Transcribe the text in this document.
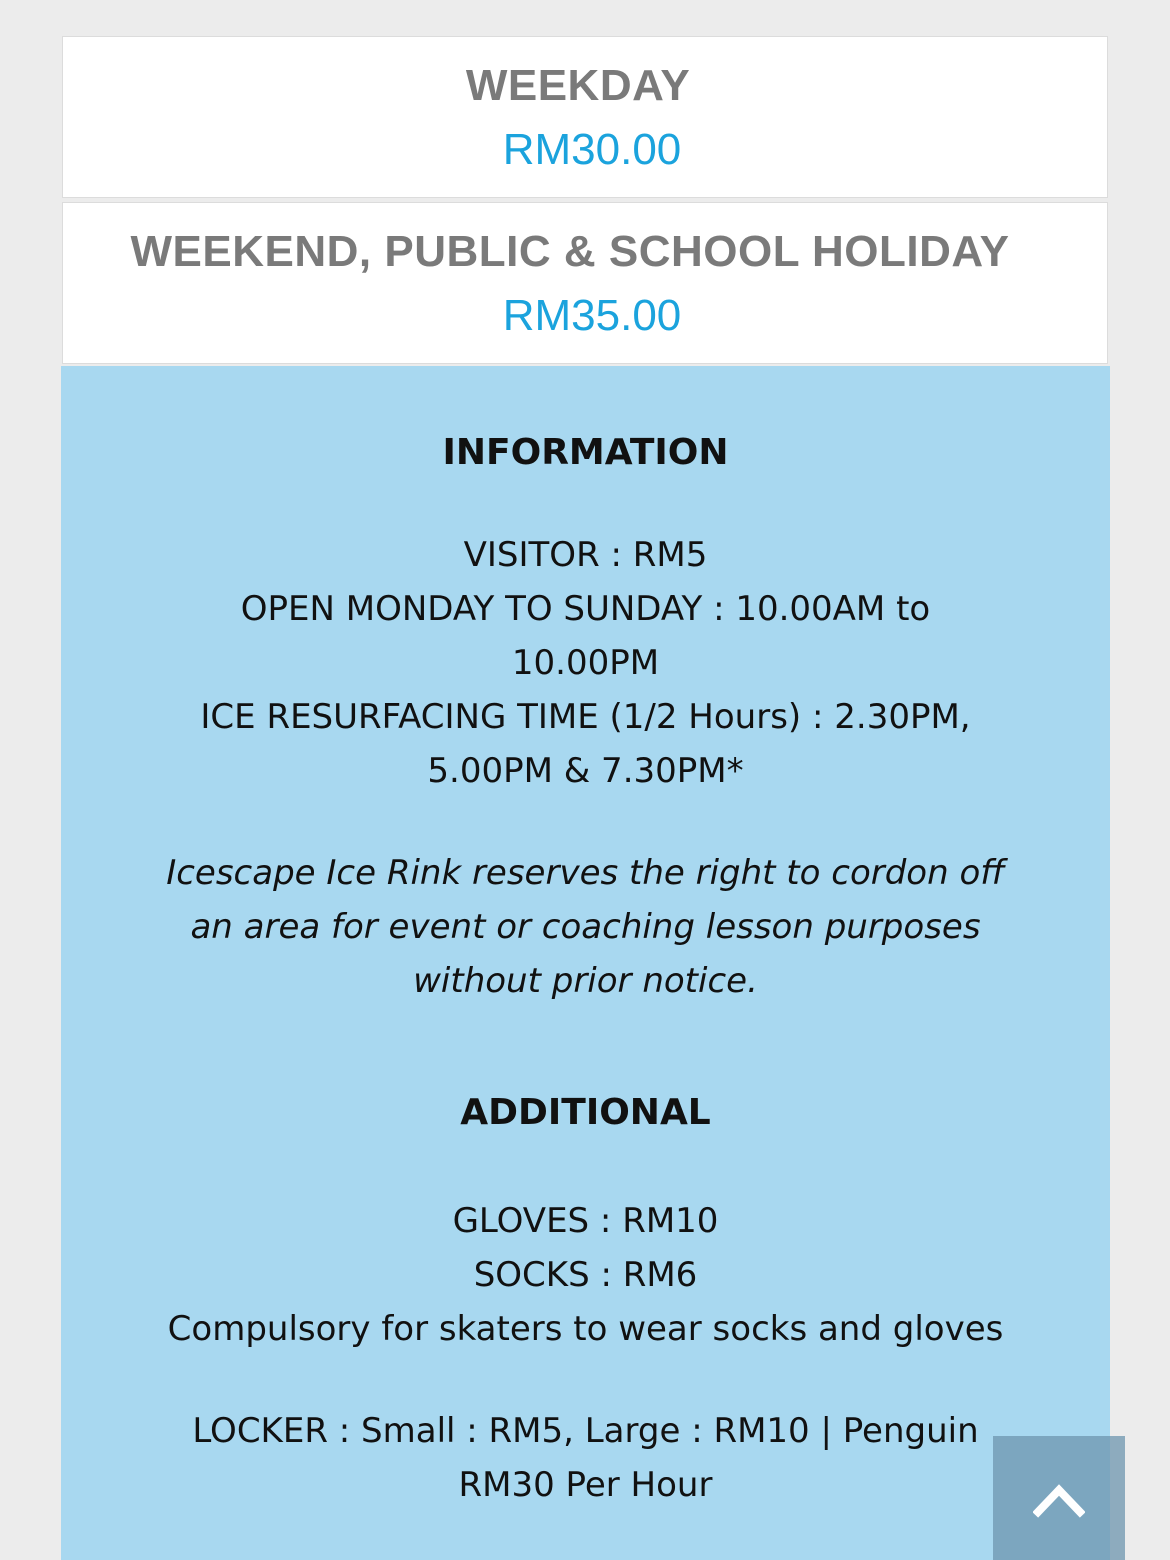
WEEKDAY
RM30.00
WEEKEND, PUBLIC & SCHOOL HOLIDAY
RM35.00
INFORMATION
VISITOR : RM5
OPEN MONDAY TO SUNDAY : 10.00AM to
10.00PM
ICE RESURFACING TIME (1/2 Hours) : 2.30PM,
5.00PM & 7.30PM*
Icescape Ice Rink reserves the right to cordon off
an area for event or coaching lesson purposes
without prior notice.
ADDITIONAL
GLOVES : RM10
SOCKS : RM6
Compulsory for skaters to wear socks and gloves
LOCKER : Small : RM5, Large : RM10 | Penguin
RM30 Per Hour
